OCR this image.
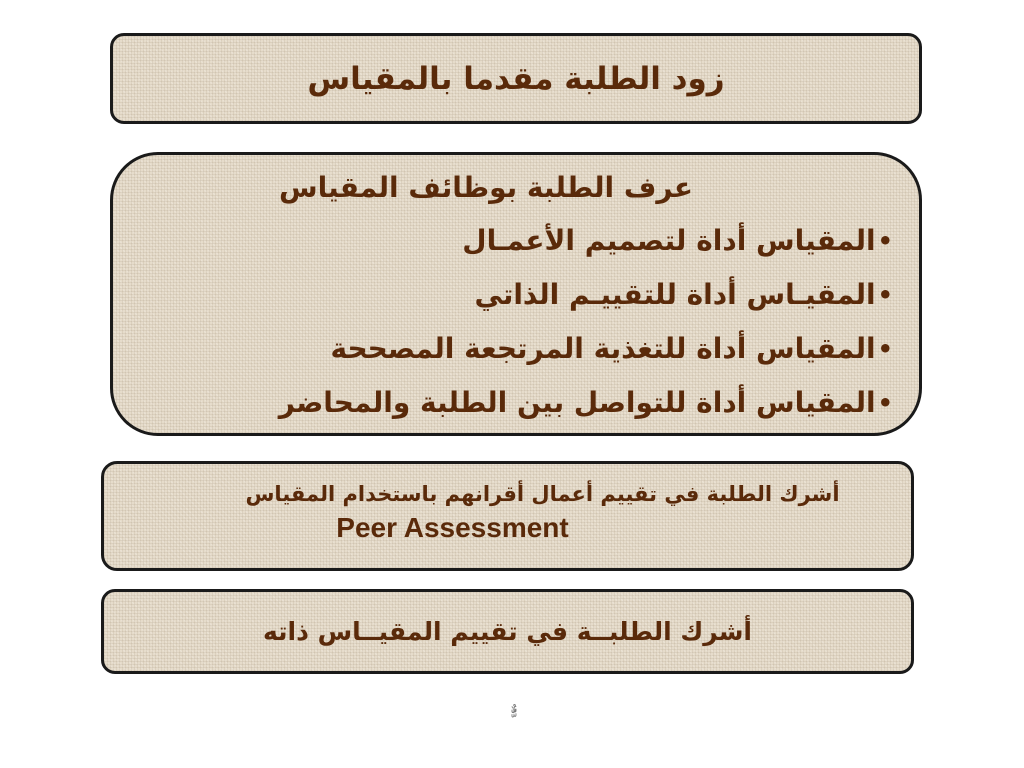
زود الطلبة مقدما بالمقياس
عرف الطلبة بوظائف المقياس
•
المقياس أداة لتصميم الأعمـال
•
المقيـاس أداة للتقييـم الذاتي
•
المقياس أداة للتغذية المرتجعة المصححة
•
المقياس أداة للتواصل بين الطلبة والمحاضر
أشرك الطلبة في تقييم أعمال أقرانهم باستخدام المقياس
Peer Assessment
أشرك الطلبــة في تقييم المقيــاس ذاته
ٌّ ٌّ
